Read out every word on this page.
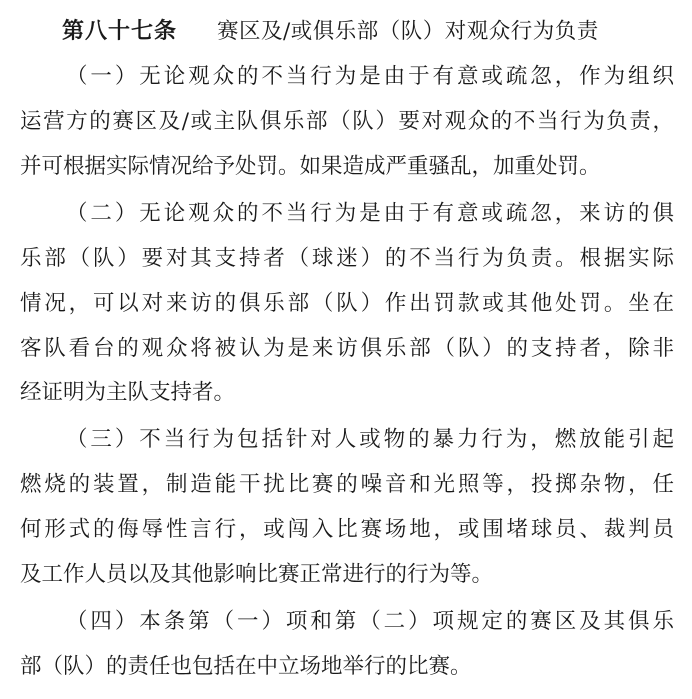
第八十七条 赛区及/或俱乐部（队）对观众行为负责
（一）无论观众的不当行为是由于有意或疏忽，作为组织
运营方的赛区及/或主队俱乐部（队）要对观众的不当行为负责，
并可根据实际情况给予处罚。如果造成严重骚乱，加重处罚。
（二）无论观众的不当行为是由于有意或疏忽，来访的俱
乐部（队）要对其支持者（球迷）的不当行为负责。根据实际
情况，可以对来访的俱乐部（队）作出罚款或其他处罚。坐在
客队看台的观众将被认为是来访俱乐部（队）的支持者，除非
经证明为主队支持者。
（三）不当行为包括针对人或物的暴力行为，燃放能引起
燃烧的装置，制造能干扰比赛的噪音和光照等，投掷杂物，任
何形式的侮辱性言行，或闯入比赛场地，或围堵球员、裁判员
及工作人员以及其他影响比赛正常进行的行为等。
（四）本条第（一）项和第（二）项规定的赛区及其俱乐
部（队）的责任也包括在中立场地举行的比赛。
